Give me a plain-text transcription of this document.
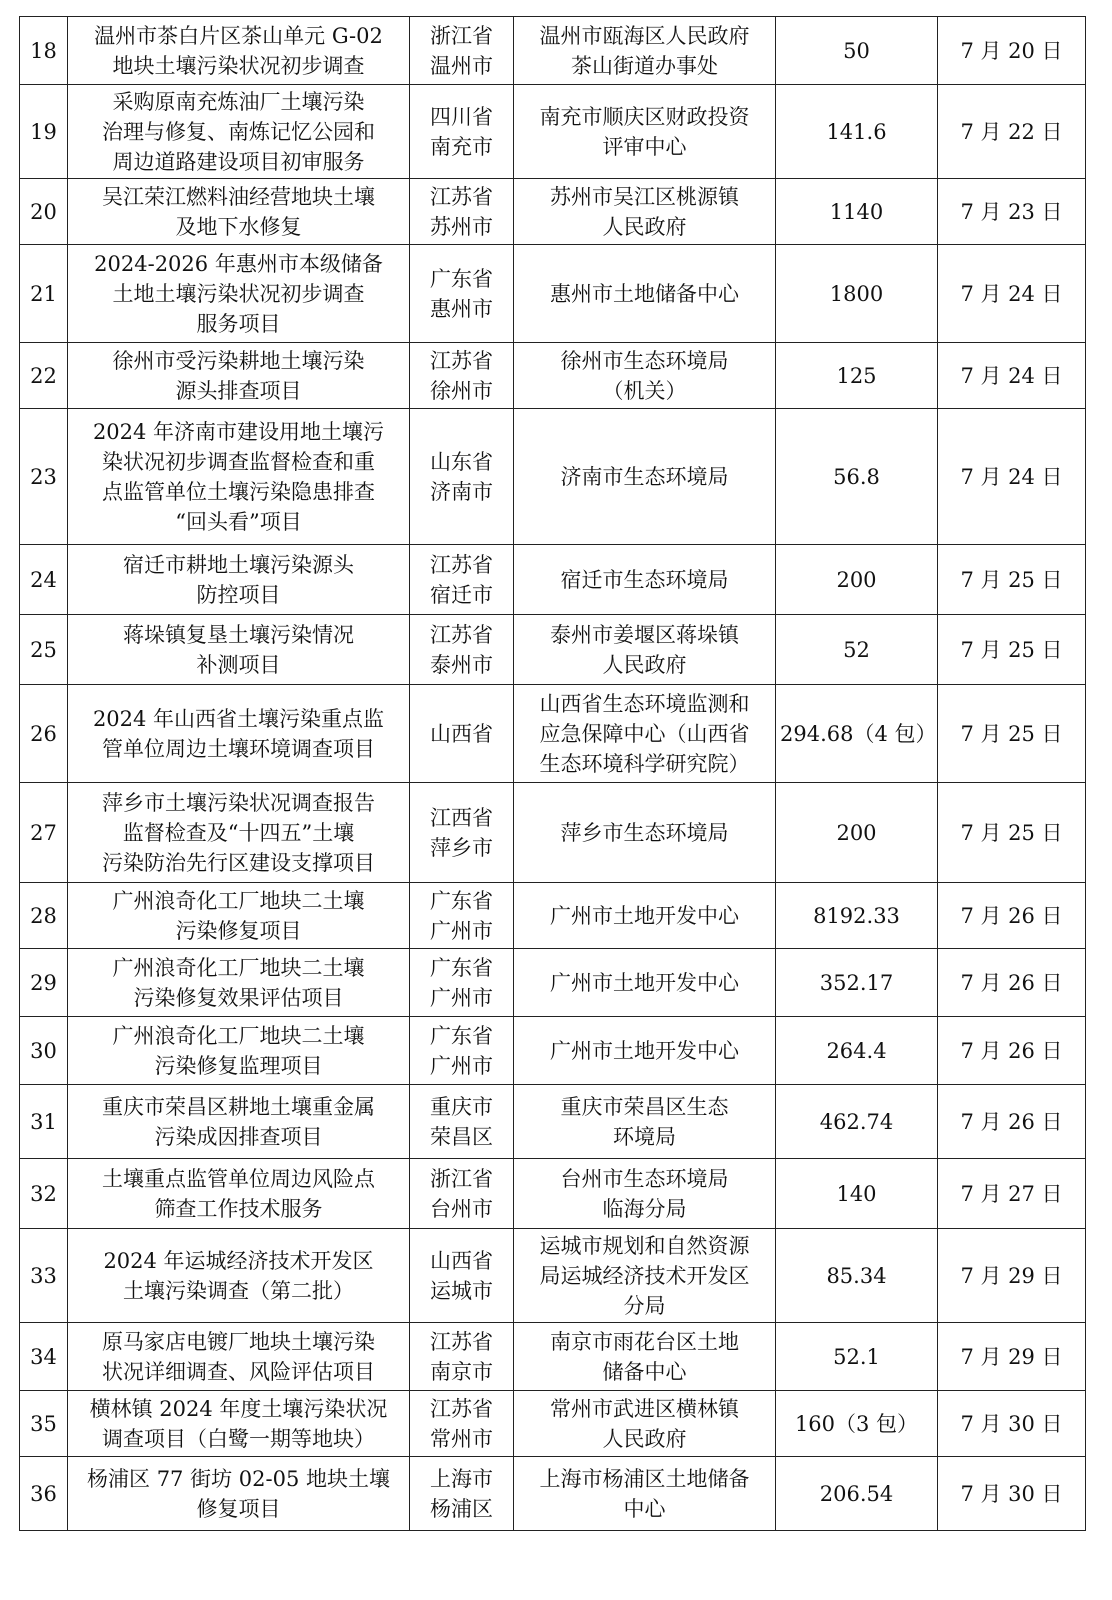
18	温州市茶白片区茶山单元 G-02
地块土壤污染状况初步调查	浙江省
温州市	温州市瓯海区人民政府
茶山街道办事处	50	7 月 20 日
19	采购原南充炼油厂土壤污染
治理与修复、南炼记忆公园和
周边道路建设项目初审服务	四川省
南充市	南充市顺庆区财政投资
评审中心	141.6	7 月 22 日
20	吴江荣江燃料油经营地块土壤
及地下水修复	江苏省
苏州市	苏州市吴江区桃源镇
人民政府	1140	7 月 23 日
21	2024-2026 年惠州市本级储备
土地土壤污染状况初步调查
服务项目	广东省
惠州市	惠州市土地储备中心	1800	7 月 24 日
22	徐州市受污染耕地土壤污染
源头排查项目	江苏省
徐州市	徐州市生态环境局
（机关）	125	7 月 24 日
23	2024 年济南市建设用地土壤污
染状况初步调查监督检查和重
点监管单位土壤污染隐患排查
“回头看”项目	山东省
济南市	济南市生态环境局	56.8	7 月 24 日
24	宿迁市耕地土壤污染源头
防控项目	江苏省
宿迁市	宿迁市生态环境局	200	7 月 25 日
25	蒋垛镇复垦土壤污染情况
补测项目	江苏省
泰州市	泰州市姜堰区蒋垛镇
人民政府	52	7 月 25 日
26	2024 年山西省土壤污染重点监
管单位周边土壤环境调查项目	山西省	山西省生态环境监测和
应急保障中心（山西省
生态环境科学研究院）	294.68（4 包）	7 月 25 日
27	萍乡市土壤污染状况调查报告
监督检查及“十四五”土壤
污染防治先行区建设支撑项目	江西省
萍乡市	萍乡市生态环境局	200	7 月 25 日
28	广州浪奇化工厂地块二土壤
污染修复项目	广东省
广州市	广州市土地开发中心	8192.33	7 月 26 日
29	广州浪奇化工厂地块二土壤
污染修复效果评估项目	广东省
广州市	广州市土地开发中心	352.17	7 月 26 日
30	广州浪奇化工厂地块二土壤
污染修复监理项目	广东省
广州市	广州市土地开发中心	264.4	7 月 26 日
31	重庆市荣昌区耕地土壤重金属
污染成因排查项目	重庆市
荣昌区	重庆市荣昌区生态
环境局	462.74	7 月 26 日
32	土壤重点监管单位周边风险点
筛查工作技术服务	浙江省
台州市	台州市生态环境局
临海分局	140	7 月 27 日
33	2024 年运城经济技术开发区
土壤污染调查（第二批）	山西省
运城市	运城市规划和自然资源
局运城经济技术开发区
分局	85.34	7 月 29 日
34	原马家店电镀厂地块土壤污染
状况详细调查、风险评估项目	江苏省
南京市	南京市雨花台区土地
储备中心	52.1	7 月 29 日
35	横林镇 2024 年度土壤污染状况
调查项目（白鹭一期等地块）	江苏省
常州市	常州市武进区横林镇
人民政府	160（3 包）	7 月 30 日
36	杨浦区 77 街坊 02-05 地块土壤
修复项目	上海市
杨浦区	上海市杨浦区土地储备
中心	206.54	7 月 30 日
